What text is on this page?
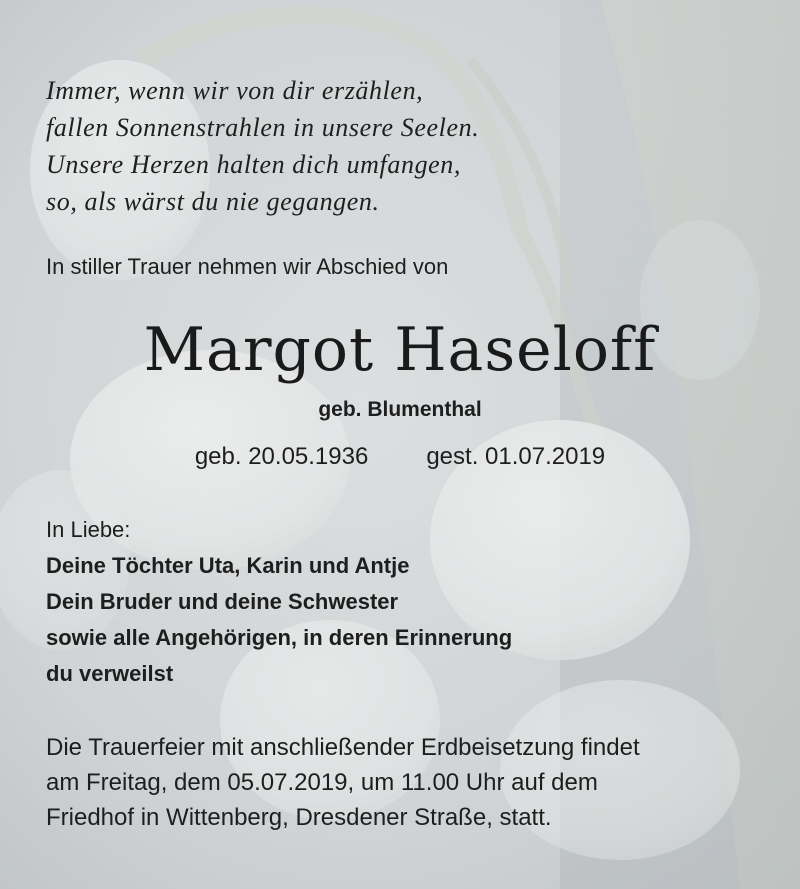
Immer, wenn wir von dir erzählen,
fallen Sonnenstrahlen in unsere Seelen.
Unsere Herzen halten dich umfangen,
so, als wärst du nie gegangen.
In stiller Trauer nehmen wir Abschied von
Margot Haseloff
geb. Blumenthal
geb. 20.05.1936 gest. 01.07.2019
In Liebe:
Deine Töchter Uta, Karin und Antje
Dein Bruder und deine Schwester
sowie alle Angehörigen, in deren Erinnerung
du verweilst
Die Trauerfeier mit anschließender Erdbeisetzung findet
am Freitag, dem 05.07.2019, um 11.00 Uhr auf dem
Friedhof in Wittenberg, Dresdener Straße, statt.
